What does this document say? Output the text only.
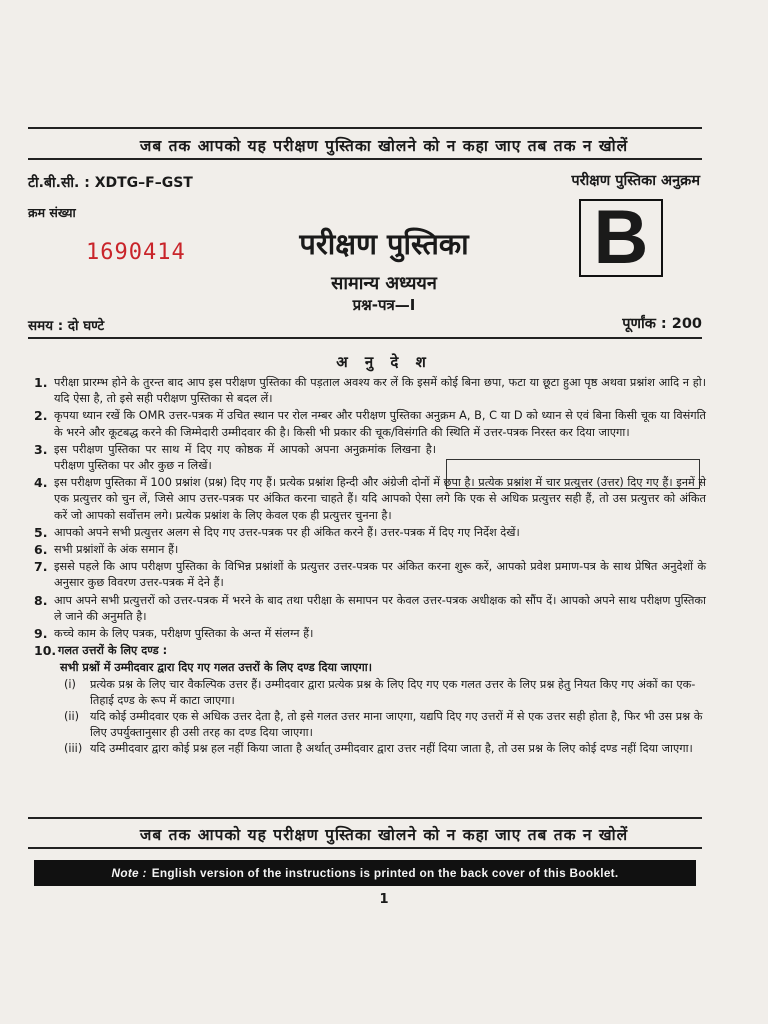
जब तक आपको यह परीक्षण पुस्तिका खोलने को न कहा जाए तब तक न खोलें
टी.बी.सी. : XDTG–F–GST	परीक्षण पुस्तिका अनुक्रम
क्रम संख्या
1690414	परीक्षण पुस्तिका
सामान्य अध्ययन
प्रश्न-पत्र—I
B
समय : दो घण्टे	पूर्णांक : 200
अ नु दे श
1. परीक्षा प्रारम्भ होने के तुरन्त बाद आप इस परीक्षण पुस्तिका की पड़ताल अवश्य कर लें कि इसमें कोई बिना छपा, फटा या छूटा हुआ पृष्ठ अथवा प्रश्नांश आदि न हो। यदि ऐसा है, तो इसे सही परीक्षण पुस्तिका से बदल लें।
2. कृपया ध्यान रखें कि OMR उत्तर-पत्रक में उचित स्थान पर रोल नम्बर और परीक्षण पुस्तिका अनुक्रम A, B, C या D को ध्यान से एवं बिना किसी चूक या विसंगति के भरने और कूटबद्ध करने की जिम्मेदारी उम्मीदवार की है। किसी भी प्रकार की चूक/विसंगति की स्थिति में उत्तर-पत्रक निरस्त कर दिया जाएगा।
3. इस परीक्षण पुस्तिका पर साथ में दिए गए कोष्ठक में आपको अपना अनुक्रमांक लिखना है। परीक्षण पुस्तिका पर और कुछ न लिखें।
4. इस परीक्षण पुस्तिका में 100 प्रश्नांश (प्रश्न) दिए गए हैं। प्रत्येक प्रश्नांश हिन्दी और अंग्रेजी दोनों में छपा है। प्रत्येक प्रश्नांश में चार प्रत्युत्तर (उत्तर) दिए गए हैं। इनमें से एक प्रत्युत्तर को चुन लें, जिसे आप उत्तर-पत्रक पर अंकित करना चाहते हैं। यदि आपको ऐसा लगे कि एक से अधिक प्रत्युत्तर सही हैं, तो उस प्रत्युत्तर को अंकित करें जो आपको सर्वोत्तम लगे। प्रत्येक प्रश्नांश के लिए केवल एक ही प्रत्युत्तर चुनना है।
5. आपको अपने सभी प्रत्युत्तर अलग से दिए गए उत्तर-पत्रक पर ही अंकित करने हैं। उत्तर-पत्रक में दिए गए निर्देश देखें।
6. सभी प्रश्नांशों के अंक समान हैं।
7. इससे पहले कि आप परीक्षण पुस्तिका के विभिन्न प्रश्नांशों के प्रत्युत्तर उत्तर-पत्रक पर अंकित करना शुरू करें, आपको प्रवेश प्रमाण-पत्र के साथ प्रेषित अनुदेशों के अनुसार कुछ विवरण उत्तर-पत्रक में देने हैं।
8. आप अपने सभी प्रत्युत्तरों को उत्तर-पत्रक में भरने के बाद तथा परीक्षा के समापन पर केवल उत्तर-पत्रक अधीक्षक को सौंप दें। आपको अपने साथ परीक्षण पुस्तिका ले जाने की अनुमति है।
9. कच्चे काम के लिए पत्रक, परीक्षण पुस्तिका के अन्त में संलग्न हैं।
10. गलत उत्तरों के लिए दण्ड :
सभी प्रश्नों में उम्मीदवार द्वारा दिए गए गलत उत्तरों के लिए दण्ड दिया जाएगा।
(i)	प्रत्येक प्रश्न के लिए चार वैकल्पिक उत्तर हैं। उम्मीदवार द्वारा प्रत्येक प्रश्न के लिए दिए गए एक गलत उत्तर के लिए प्रश्न हेतु नियत किए गए अंकों का एक-तिहाई दण्ड के रूप में काटा जाएगा।
(ii) यदि कोई उम्मीदवार एक से अधिक उत्तर देता है, तो इसे गलत उत्तर माना जाएगा, यद्यपि दिए गए उत्तरों में से एक उत्तर सही होता है, फिर भी उस प्रश्न के लिए उपर्युक्तानुसार ही उसी तरह का दण्ड दिया जाएगा।
(iii) यदि उम्मीदवार द्वारा कोई प्रश्न हल नहीं किया जाता है अर्थात् उम्मीदवार द्वारा उत्तर नहीं दिया जाता है, तो उस प्रश्न के लिए कोई दण्ड नहीं दिया जाएगा।
जब तक आपको यह परीक्षण पुस्तिका खोलने को न कहा जाए तब तक न खोलें
Note : English version of the instructions is printed on the back cover of this Booklet.
1
